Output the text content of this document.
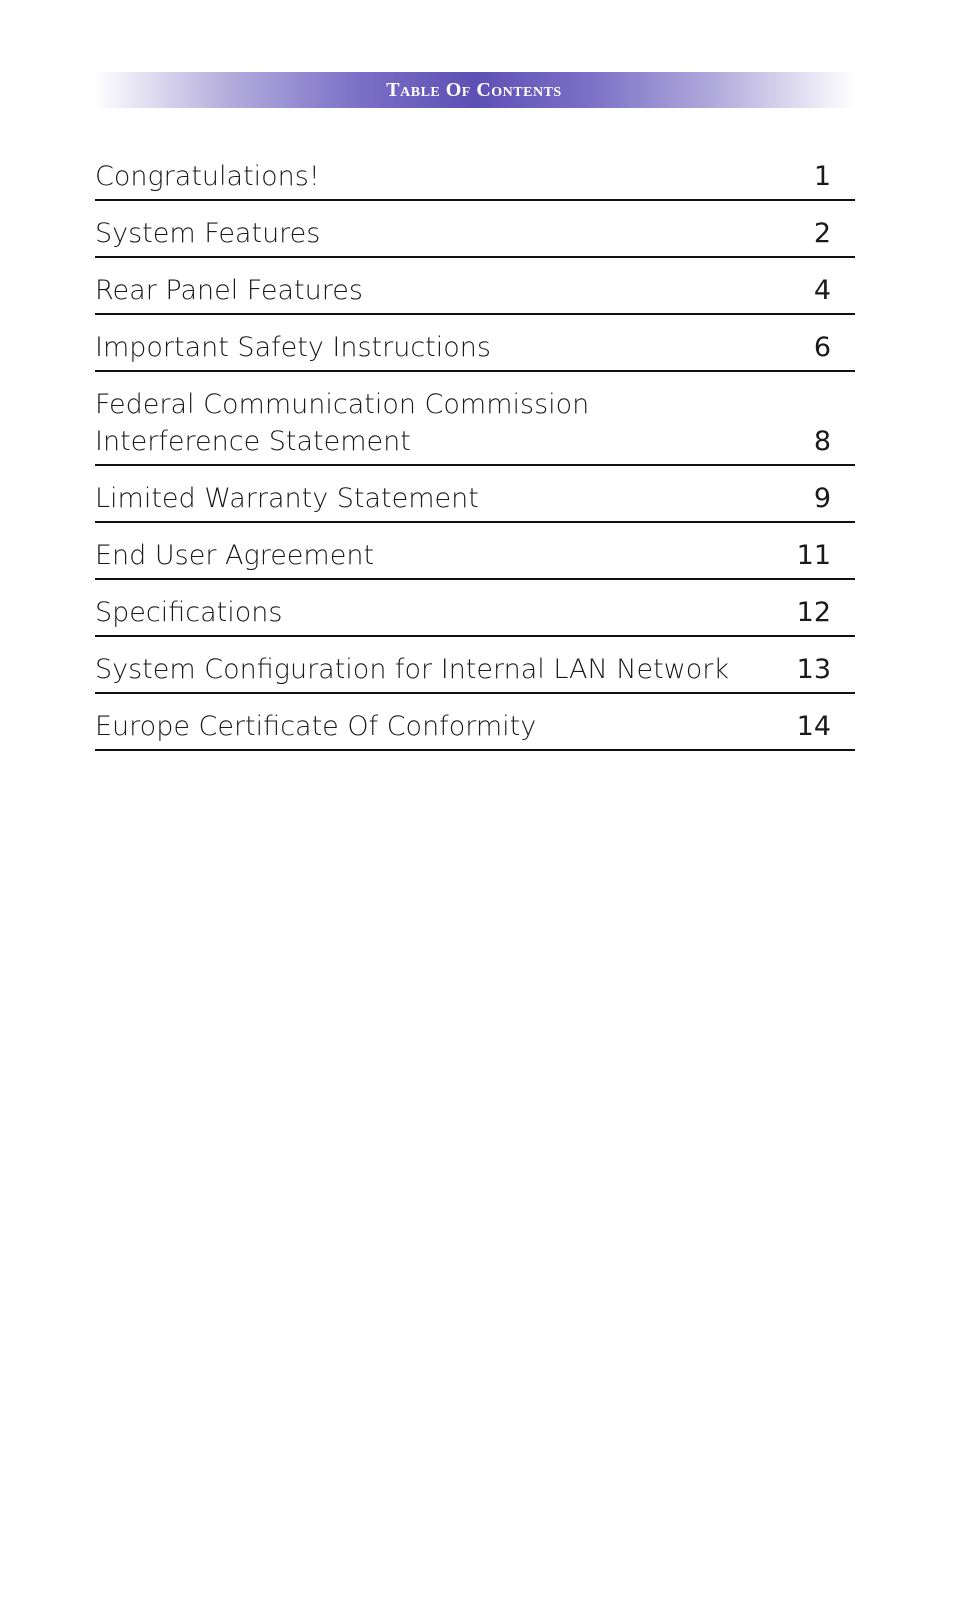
Table Of Contents
Congratulations!	1
System Features	2
Rear Panel Features	4
Important Safety Instructions	6
Federal Communication Commission
Interference Statement	8
Limited Warranty Statement	9
End User Agreement	11
Specifications	12
System Configuration for Internal LAN Network	13
Europe Certificate Of Conformity	14
